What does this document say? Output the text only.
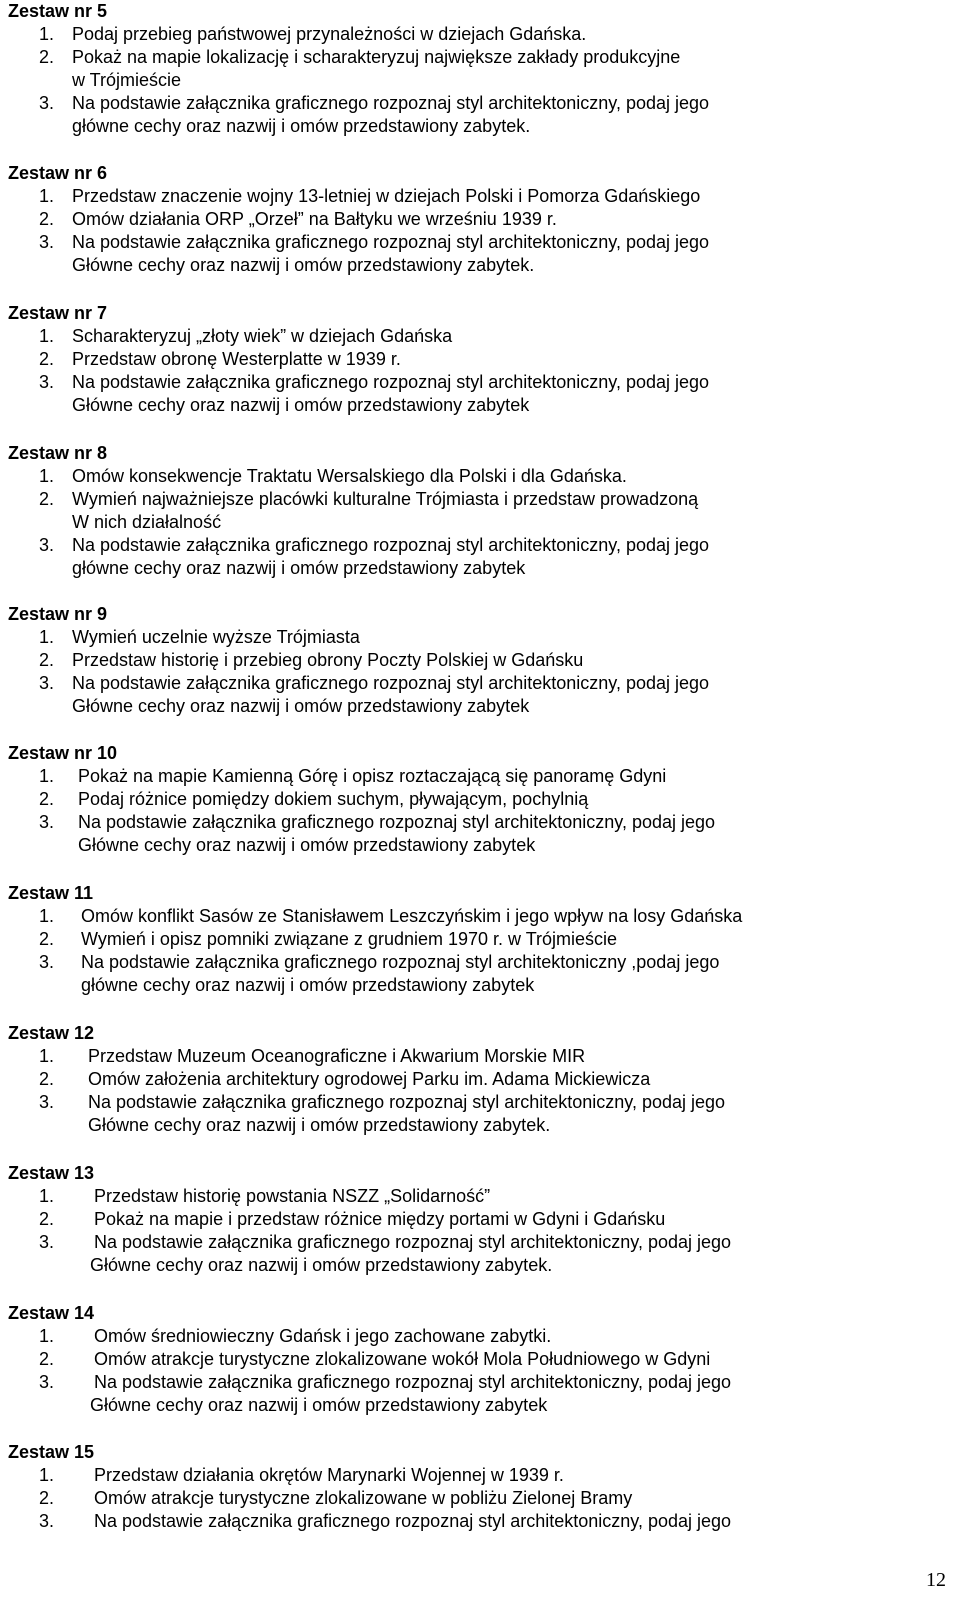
Zestaw nr 5
1. Podaj przebieg państwowej przynależności w dziejach Gdańska.
2. Pokaż na mapie lokalizację i scharakteryzuj największe zakłady produkcyjne
w Trójmieście
3. Na podstawie załącznika graficznego rozpoznaj styl architektoniczny, podaj jego
główne cechy oraz nazwij i omów przedstawiony zabytek.
Zestaw nr 6
1. Przedstaw znaczenie wojny 13-letniej w dziejach Polski i Pomorza Gdańskiego
2. Omów działania ORP „Orzeł” na Bałtyku we wrześniu 1939 r.
3. Na podstawie załącznika graficznego rozpoznaj styl architektoniczny, podaj jego
Główne cechy oraz nazwij i omów przedstawiony zabytek.
Zestaw nr 7
1. Scharakteryzuj „złoty wiek” w dziejach Gdańska
2. Przedstaw obronę Westerplatte w 1939 r.
3. Na podstawie załącznika graficznego rozpoznaj styl architektoniczny, podaj jego
Główne cechy oraz nazwij i omów przedstawiony zabytek
Zestaw nr 8
1. Omów konsekwencje Traktatu Wersalskiego dla Polski i dla Gdańska.
2. Wymień najważniejsze placówki kulturalne Trójmiasta i przedstaw prowadzoną
W nich działalność
3. Na podstawie załącznika graficznego rozpoznaj styl architektoniczny, podaj jego
główne cechy oraz nazwij i omów przedstawiony zabytek
Zestaw nr 9
1. Wymień uczelnie wyższe Trójmiasta
2. Przedstaw historię i przebieg obrony Poczty Polskiej w Gdańsku
3. Na podstawie załącznika graficznego rozpoznaj styl architektoniczny, podaj jego
Główne cechy oraz nazwij i omów przedstawiony zabytek
Zestaw nr 10
1.	Pokaż na mapie Kamienną Górę i opisz roztaczającą się panoramę Gdyni
2.	Podaj różnice pomiędzy dokiem suchym, pływającym, pochylnią
3.	Na podstawie załącznika graficznego rozpoznaj styl architektoniczny, podaj jego
Główne cechy oraz nazwij i omów przedstawiony zabytek
Zestaw 11
1.	Omów konflikt Sasów ze Stanisławem Leszczyńskim i jego wpływ na losy Gdańska
2.	Wymień i opisz pomniki związane z grudniem 1970 r. w Trójmieście
3.	Na podstawie załącznika graficznego rozpoznaj styl architektoniczny ,podaj jego
główne cechy oraz nazwij i omów przedstawiony zabytek
Zestaw 12
1.	Przedstaw Muzeum Oceanograficzne i Akwarium Morskie MIR
2.	Omów założenia architektury ogrodowej Parku im. Adama Mickiewicza
3.	Na podstawie załącznika graficznego rozpoznaj styl architektoniczny, podaj jego
Główne cechy oraz nazwij i omów przedstawiony zabytek.
Zestaw 13
1.	Przedstaw historię powstania NSZZ „Solidarność”
2.	Pokaż na mapie i przedstaw różnice między portami w Gdyni i Gdańsku
3.	Na podstawie załącznika graficznego rozpoznaj styl architektoniczny, podaj jego
Główne cechy oraz nazwij i omów przedstawiony zabytek.
Zestaw 14
1.	Omów średniowieczny Gdańsk i jego zachowane zabytki.
2.	Omów atrakcje turystyczne zlokalizowane wokół Mola Południowego w Gdyni
3.	Na podstawie załącznika graficznego rozpoznaj styl architektoniczny, podaj jego
Główne cechy oraz nazwij i omów przedstawiony zabytek
Zestaw 15
1.	Przedstaw działania okrętów Marynarki Wojennej w 1939 r.
2.	Omów atrakcje turystyczne zlokalizowane w pobliżu Zielonej Bramy
3.	Na podstawie załącznika graficznego rozpoznaj styl architektoniczny, podaj jego
12
